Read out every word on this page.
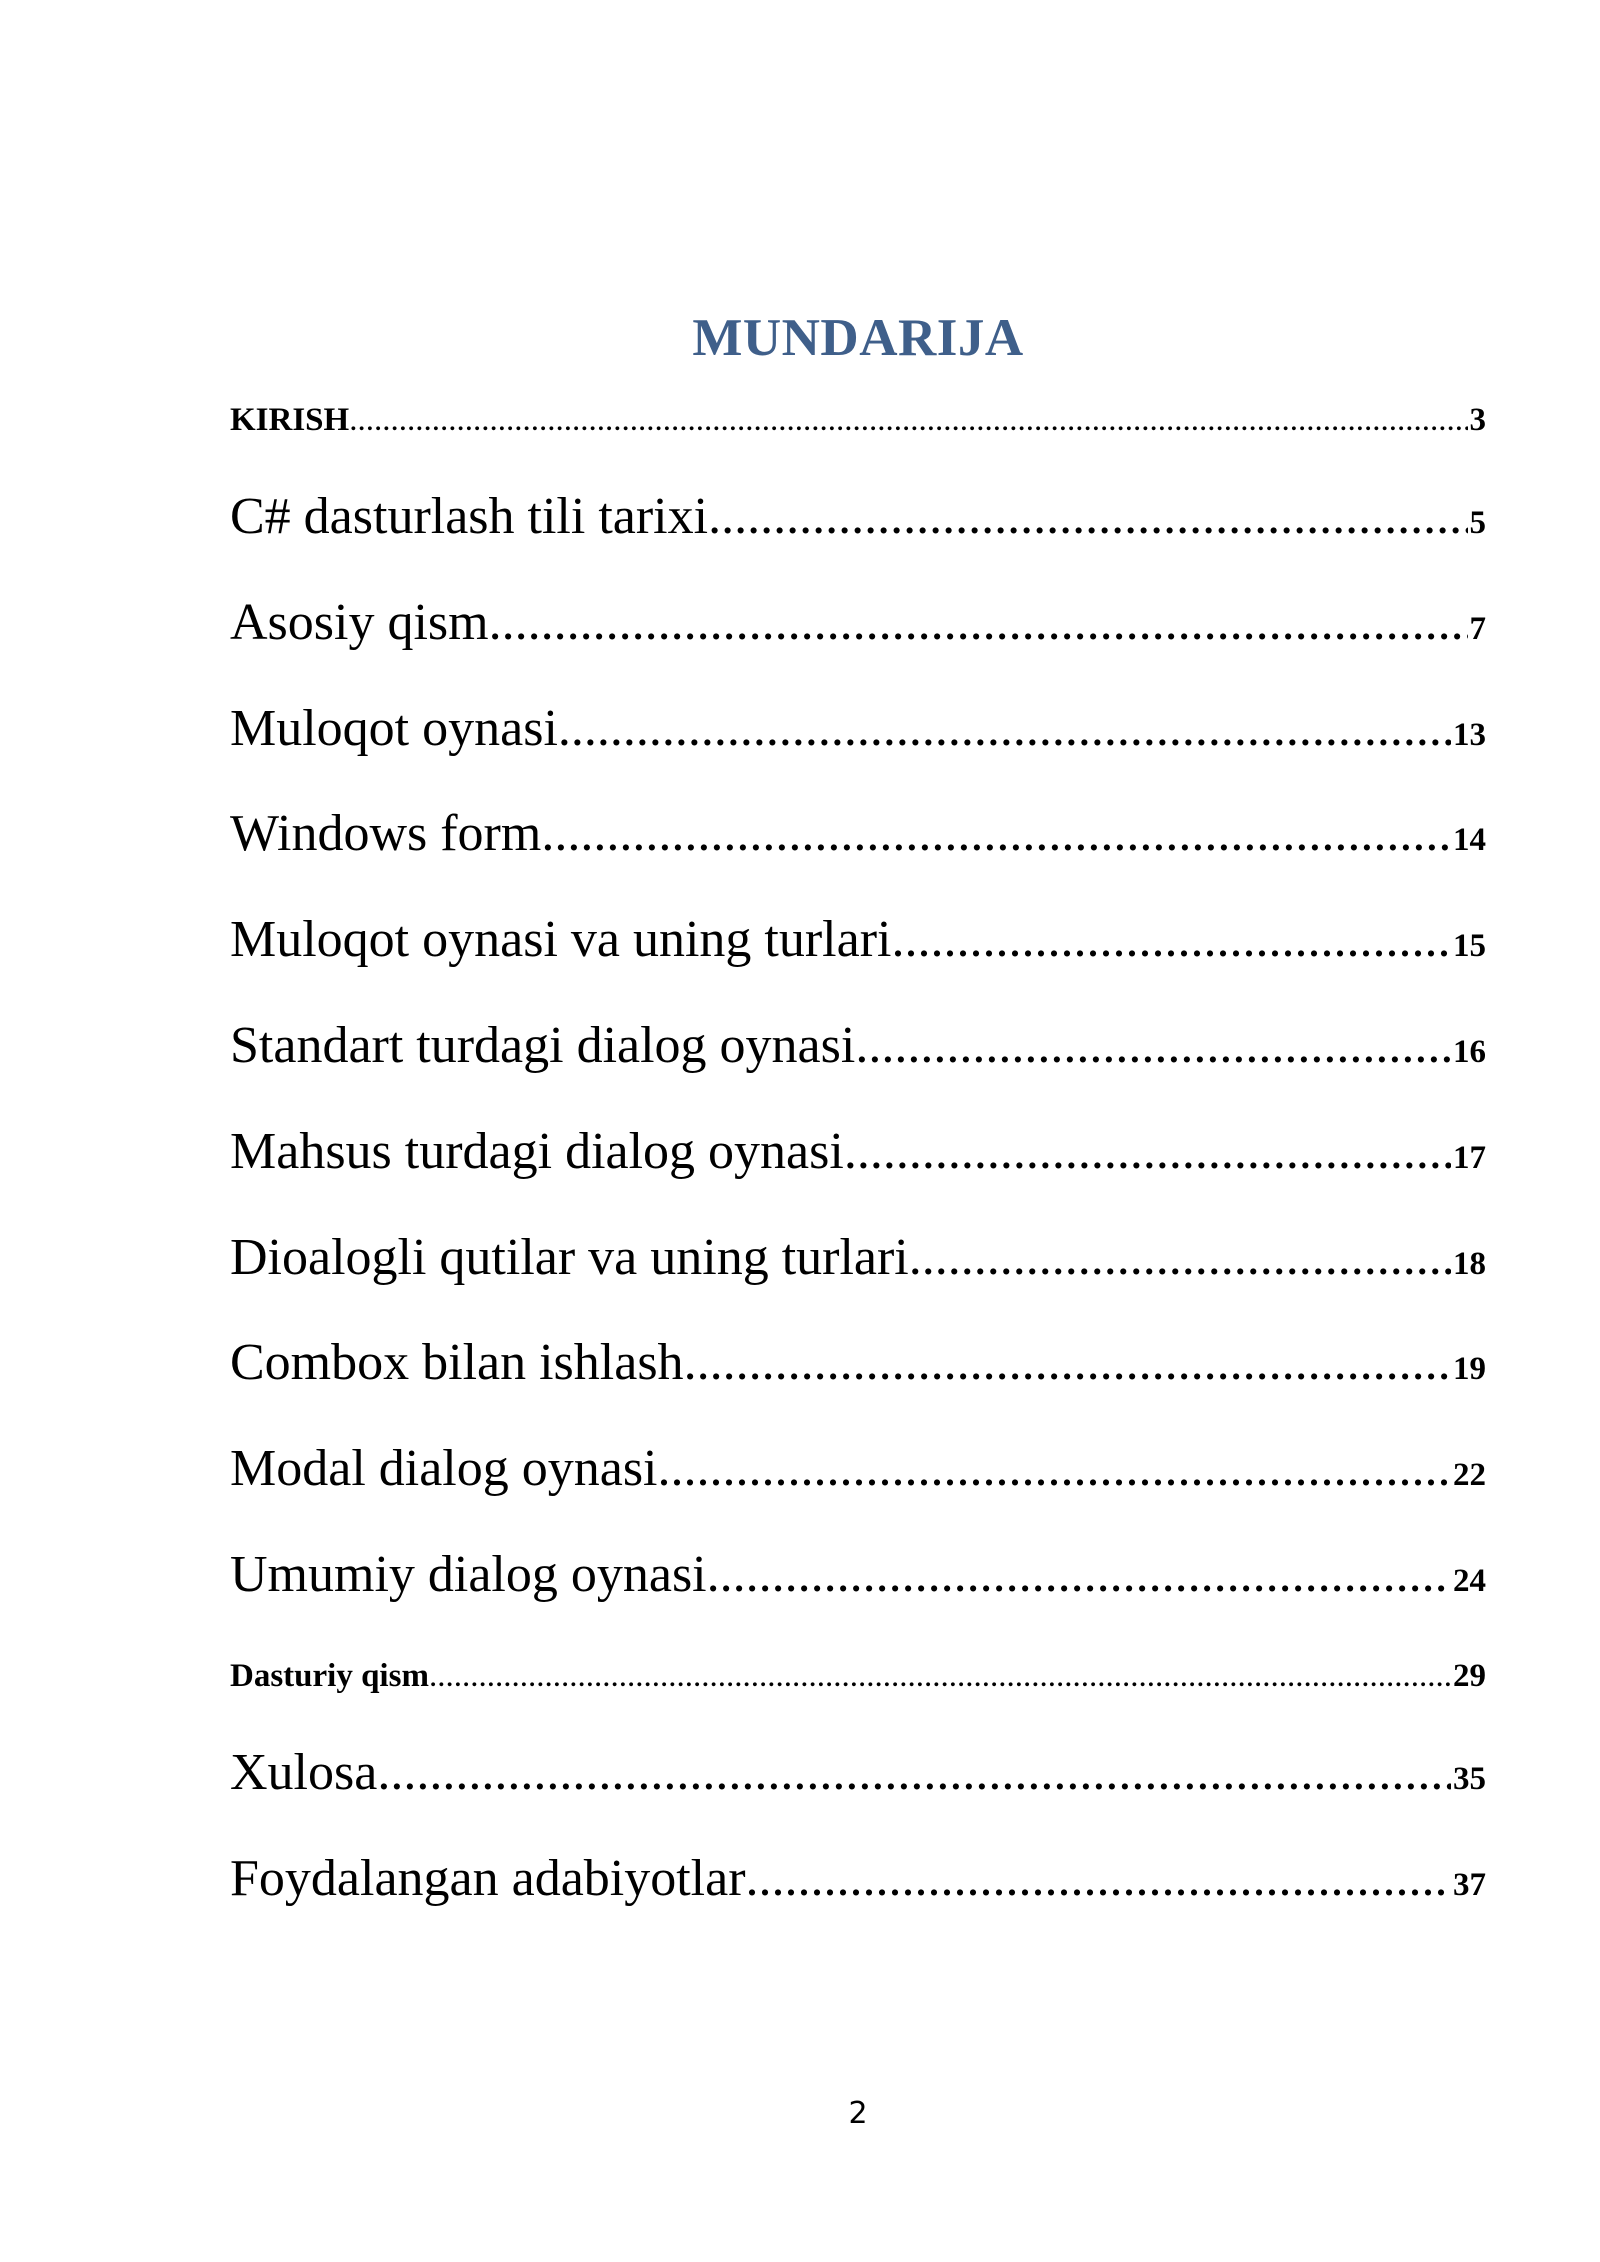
MUNDARIJA
KIRISH .....	3
C# dasturlash tili tarixi .....	5
Asosiy qism .....	7
Muloqot oynasi .....	13
Windows form .....	14
Muloqot oynasi va uning turlari .....	15
Standart turdagi dialog oynasi .....	16
Mahsus turdagi dialog oynasi .....	17
Dioalogli qutilar va uning turlari .....	18
Combox bilan ishlash .....	19
Modal dialog oynasi .....	22
Umumiy dialog oynasi .....	24
Dasturiy qism .....	29
Xulosa .....	35
Foydalangan adabiyotlar .....	37
2
